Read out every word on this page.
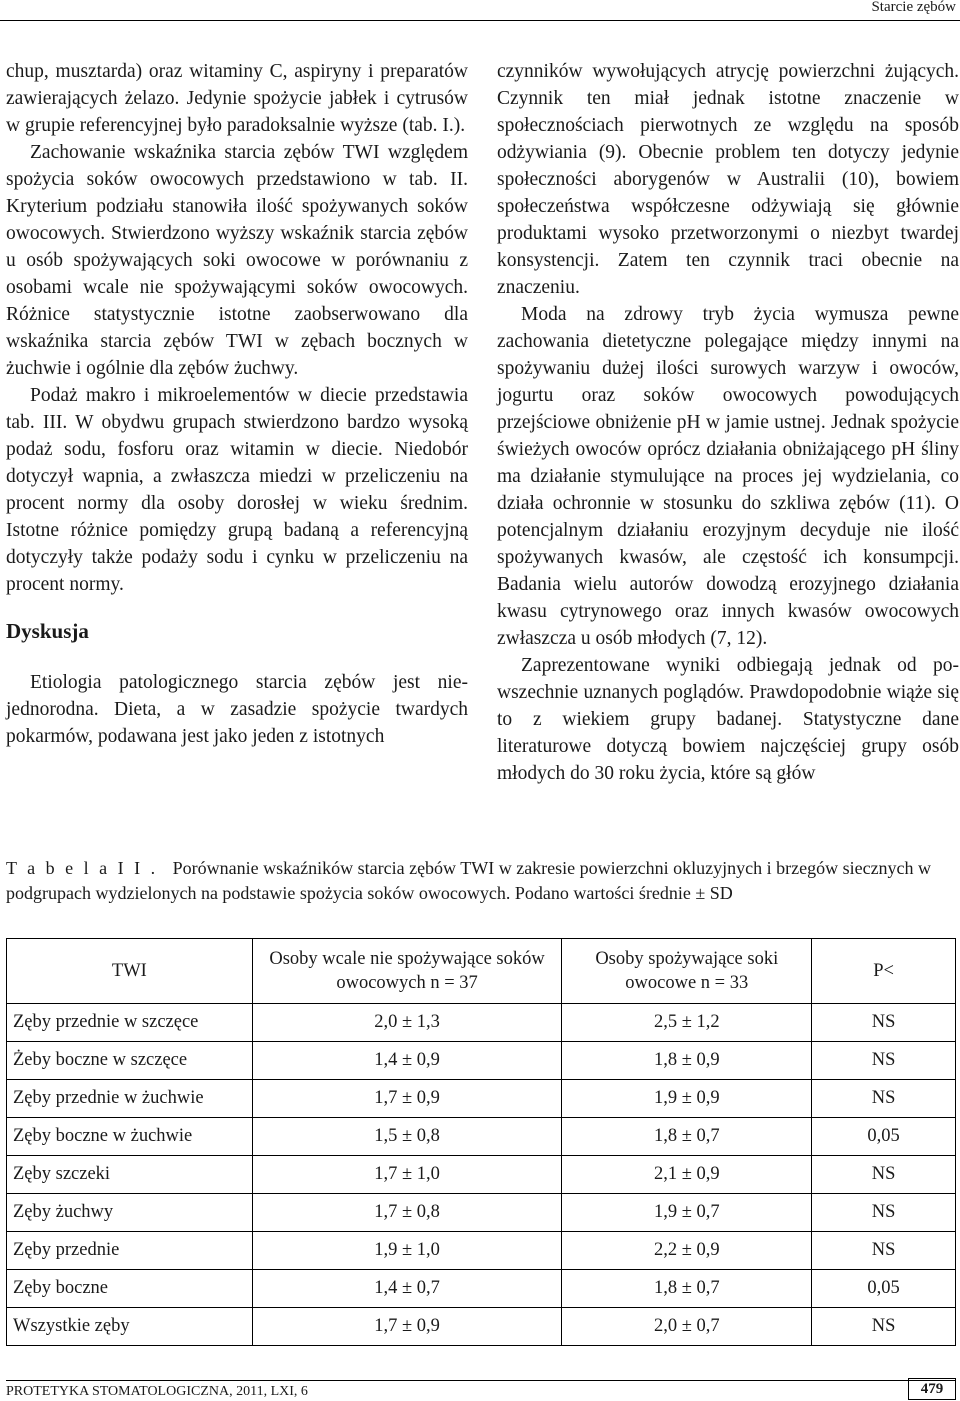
Starcie zębów

chup, musztarda) oraz witaminy C, aspiryny i preparatów zawierających żelazo. Jedynie spożycie jabłek i cytrusów w grupie referencyjnej było paradoksalnie wyższe (tab. I.).

Zachowanie wskaźnika starcia zębów TWI względem spożycia soków owocowych przedstawiono w tab. II. Kryterium podziału stanowiła ilość spożywanych soków owocowych. Stwierdzono wyższy wskaźnik starcia zębów u osób spożywających soki owocowe w porównaniu z osobami wcale nie spożywającymi soków owocowych. Różnice statystycznie istotne zaobserwowano dla wskaźnika starcia zębów TWI w zębach bocznych w żuchwie i ogólnie dla zębów żuchwy.

Podaż makro i mikroelementów w diecie przedstawia tab. III. W obydwu grupach stwierdzono bardzo wysoką podaż sodu, fosforu oraz witamin w diecie. Niedobór dotyczył wapnia, a zwłaszcza miedzi w przeliczeniu na procent normy dla osoby dorosłej w wieku średnim. Istotne różnice pomiędzy grupą badaną a referencyjną dotyczyły także podaży sodu i cynku w przeliczeniu na procent normy.

Dyskusja

Etiologia patologicznego starcia zębów jest niejednorodna. Dieta, a w zasadzie spożycie twardych pokarmów, podawana jest jako jeden z istotnych

czynników wywołujących atrycję powierzchni żujących. Czynnik ten miał jednak istotne znaczenie w społecznościach pierwotnych ze względu na sposób odżywiania (9). Obecnie problem ten dotyczy jedynie społeczności aborygenów w Australii (10), bowiem społeczeństwa współczesne odżywiają się głównie produktami wysoko przetworzonymi o niezbyt twardej konsystencji. Zatem ten czynnik traci obecnie na znaczeniu.

Moda na zdrowy tryb życia wymusza pewne zachowania dietetyczne polegające między innymi na spożywaniu dużej ilości surowych warzyw i owoców, jogurtu oraz soków owocowych powodujących przejściowe obniżenie pH w jamie ustnej. Jednak spożycie świeżych owoców oprócz działania obniżającego pH śliny ma działanie stymulujące na proces jej wydzielania, co działa ochronnie w stosunku do szkliwa zębów (11). O potencjalnym działaniu erozyjnym decyduje nie ilość spożywanych kwasów, ale częstość ich konsumpcji. Badania wielu autorów dowodzą erozyjnego działania kwasu cytrynowego oraz innych kwasów owocowych zwłaszcza u osób młodych (7, 12).

Zaprezentowane wyniki odbiegają jednak od powszechnie uznanych poglądów. Prawdopodobnie wiąże się to z wiekiem grupy badanej. Statystyczne dane literaturowe dotyczą bowiem najczęściej grupy osób młodych do 30 roku życia, które są głów

T a b e l a I I . Porównanie wskaźników starcia zębów TWI w zakresie powierzchni okluzyjnych i brzegów siecznych w podgrupach wydzielonych na podstawie spożycia soków owocowych. Podano wartości średnie ± SD
TWI	Osoby wcale nie spożywające soków owocowych n = 37	Osoby spożywające soki owocowe n = 33	P<
Zęby przednie w szczęce	2,0 ± 1,3	2,5 ± 1,2	NS
Żeby boczne w szczęce	1,4 ± 0,9	1,8 ± 0,9	NS
Zęby przednie w żuchwie	1,7 ± 0,9	1,9 ± 0,9	NS
Zęby boczne w żuchwie	1,5 ± 0,8	1,8 ± 0,7	0,05
Zęby szczeki	1,7 ± 1,0	2,1 ± 0,9	NS
Zęby żuchwy	1,7 ± 0,8	1,9 ± 0,7	NS
Zęby przednie	1,9 ± 1,0	2,2 ± 0,9	NS
Zęby boczne	1,4 ± 0,7	1,8 ± 0,7	0,05
Wszystkie zęby	1,7 ± 0,9	2,0 ± 0,7	NS
PROTETYKA STOMATOLOGICZNA, 2011, LXI, 6	479
